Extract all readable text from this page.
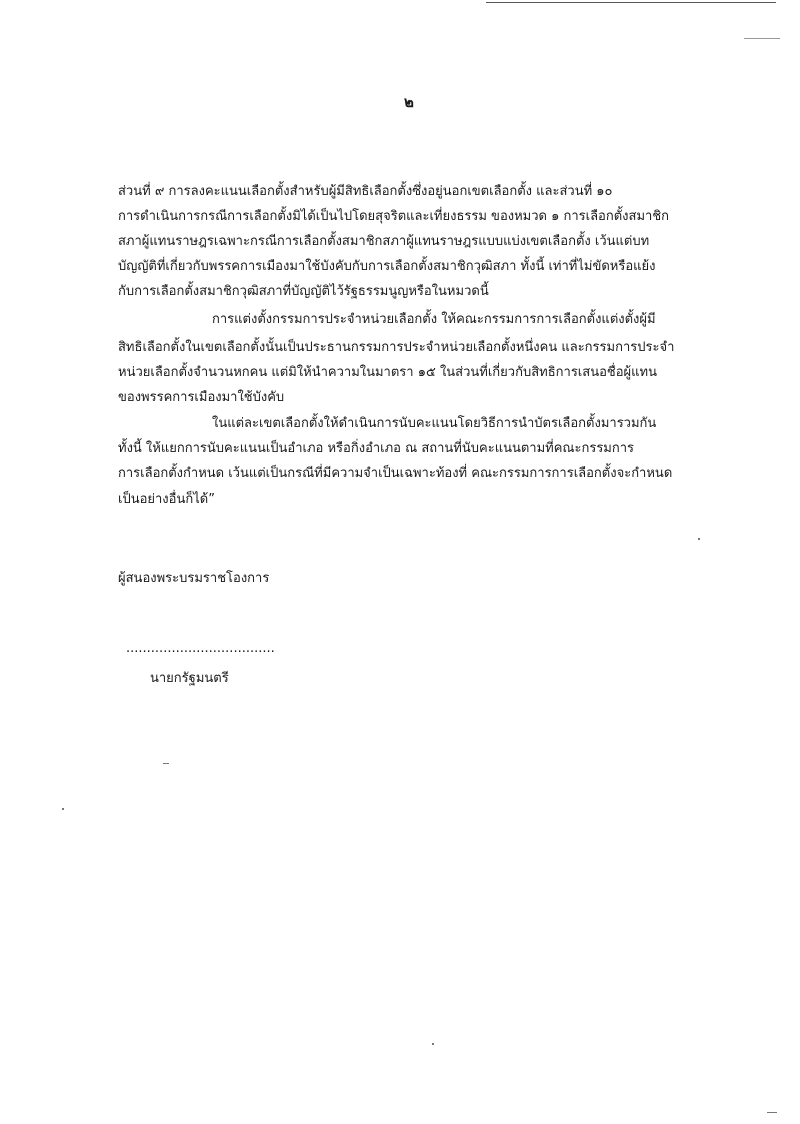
๒
ส่วนที่ ๙ การลงคะแนนเลือกตั้งสำหรับผู้มีสิทธิเลือกตั้งซึ่งอยู่นอกเขตเลือกตั้ง และส่วนที่ ๑๐
การดำเนินการกรณีการเลือกตั้งมิได้เป็นไปโดยสุจริตและเที่ยงธรรม ของหมวด ๑ การเลือกตั้งสมาชิก
สภาผู้แทนราษฎรเฉพาะกรณีการเลือกตั้งสมาชิกสภาผู้แทนราษฎรแบบแบ่งเขตเลือกตั้ง เว้นแต่บท
บัญญัติที่เกี่ยวกับพรรคการเมืองมาใช้บังคับกับการเลือกตั้งสมาชิกวุฒิสภา ทั้งนี้ เท่าที่ไม่ขัดหรือแย้ง
กับการเลือกตั้งสมาชิกวุฒิสภาที่บัญญัติไว้รัฐธรรมนูญหรือในหมวดนี้
การแต่งตั้งกรรมการประจำหน่วยเลือกตั้ง ให้คณะกรรมการการเลือกตั้งแต่งตั้งผู้มี
สิทธิเลือกตั้งในเขตเลือกตั้งนั้นเป็นประธานกรรมการประจำหน่วยเลือกตั้งหนึ่งคน และกรรมการประจำ
หน่วยเลือกตั้งจำนวนหกคน แต่มิให้นำความในมาตรา ๑๕ ในส่วนที่เกี่ยวกับสิทธิการเสนอชื่อผู้แทน
ของพรรคการเมืองมาใช้บังคับ
ในแต่ละเขตเลือกตั้งให้ดำเนินการนับคะแนนโดยวิธีการนำบัตรเลือกตั้งมารวมกัน
ทั้งนี้ ให้แยกการนับคะแนนเป็นอำเภอ หรือกิ่งอำเภอ ณ สถานที่นับคะแนนตามที่คณะกรรมการ
การเลือกตั้งกำหนด เว้นแต่เป็นกรณีที่มีความจำเป็นเฉพาะท้องที่ คณะกรรมการการเลือกตั้งจะกำหนด
เป็นอย่างอื่นก็ได้”
ผู้สนองพระบรมราชโองการ
....................................
นายกรัฐมนตรี
